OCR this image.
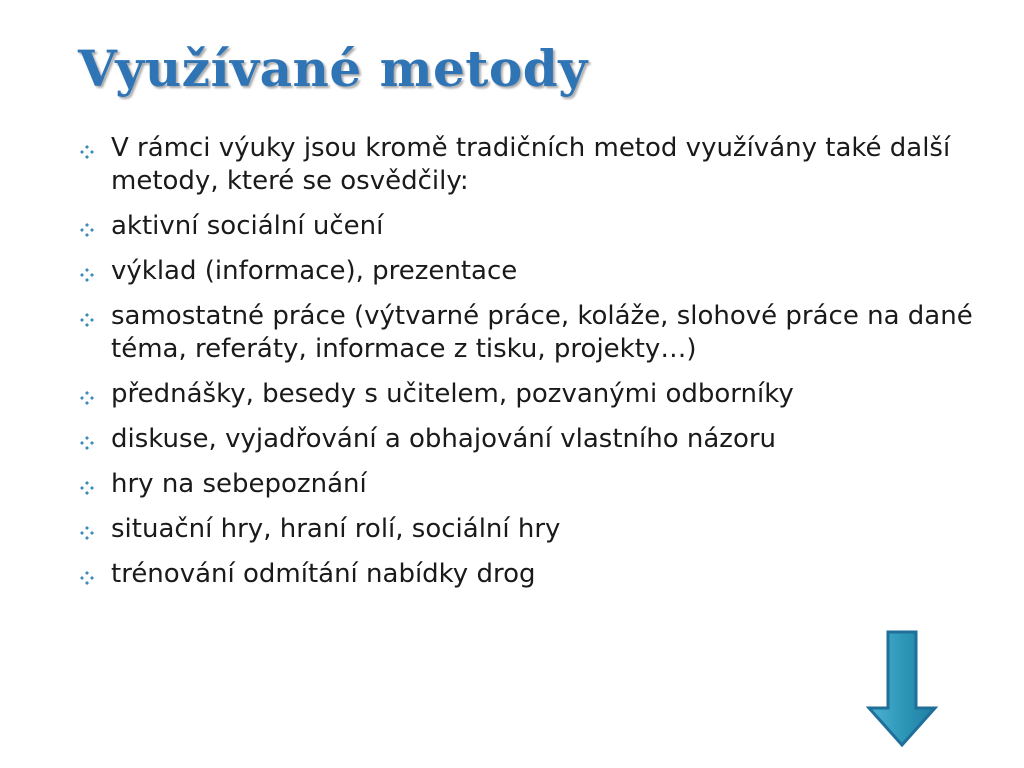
Využívané metody
V rámci výuky jsou kromě tradičních metod využívány také další metody, které se osvědčily:
aktivní sociální učení
výklad (informace), prezentace
samostatné práce (výtvarné práce, koláže, slohové práce na dané téma, referáty, informace z tisku, projekty…)
přednášky, besedy s učitelem, pozvanými odborníky
diskuse, vyjadřování a obhajování vlastního názoru
hry na sebepoznání
situační hry, hraní rolí, sociální hry
trénování odmítání nabídky drog
